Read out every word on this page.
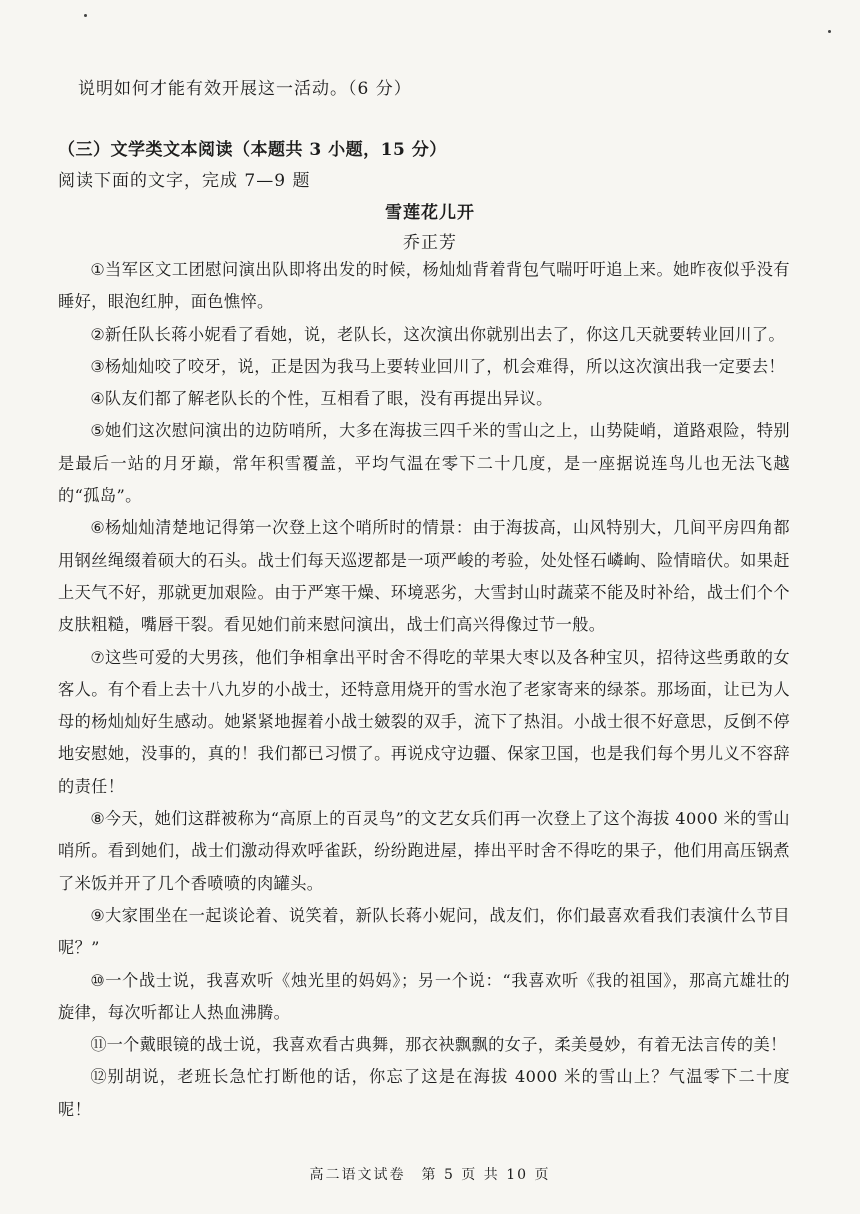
说明如何才能有效开展这一活动。（6 分）
（三）文学类文本阅读（本题共 3 小题，15 分）
阅读下面的文字，完成 7—9 题
雪莲花儿开
乔正芳

①当军区文工团慰问演出队即将出发的时候，杨灿灿背着背包气喘吁吁追上来。她昨夜似乎没有睡好，眼泡红肿，面色憔悴。

②新任队长蒋小妮看了看她，说，老队长，这次演出你就别出去了，你这几天就要转业回川了。

③杨灿灿咬了咬牙，说，正是因为我马上要转业回川了，机会难得，所以这次演出我一定要去！

④队友们都了解老队长的个性，互相看了眼，没有再提出异议。

⑤她们这次慰问演出的边防哨所，大多在海拔三四千米的雪山之上，山势陡峭，道路艰险，特别是最后一站的月牙巅，常年积雪覆盖，平均气温在零下二十几度，是一座据说连鸟儿也无法飞越的“孤岛”。

⑥杨灿灿清楚地记得第一次登上这个哨所时的情景：由于海拔高，山风特别大，几间平房四角都用钢丝绳缀着硕大的石头。战士们每天巡逻都是一项严峻的考验，处处怪石嶙峋、险情暗伏。如果赶上天气不好，那就更加艰险。由于严寒干燥、环境恶劣，大雪封山时蔬菜不能及时补给，战士们个个皮肤粗糙，嘴唇干裂。看见她们前来慰问演出，战士们高兴得像过节一般。

⑦这些可爱的大男孩，他们争相拿出平时舍不得吃的苹果大枣以及各种宝贝，招待这些勇敢的女客人。有个看上去十八九岁的小战士，还特意用烧开的雪水泡了老家寄来的绿茶。那场面，让已为人母的杨灿灿好生感动。她紧紧地握着小战士皴裂的双手，流下了热泪。小战士很不好意思，反倒不停地安慰她，没事的，真的！我们都已习惯了。再说戍守边疆、保家卫国，也是我们每个男儿义不容辞的责任！

⑧今天，她们这群被称为“高原上的百灵鸟”的文艺女兵们再一次登上了这个海拔 4000 米的雪山哨所。看到她们，战士们激动得欢呼雀跃，纷纷跑进屋，捧出平时舍不得吃的果子，他们用高压锅煮了米饭并开了几个香喷喷的肉罐头。

⑨大家围坐在一起谈论着、说笑着，新队长蒋小妮问，战友们，你们最喜欢看我们表演什么节目呢？”

⑩一个战士说，我喜欢听《烛光里的妈妈》；另一个说：“我喜欢听《我的祖国》，那高亢雄壮的旋律，每次听都让人热血沸腾。

⑪一个戴眼镜的战士说，我喜欢看古典舞，那衣袂飘飘的女子，柔美曼妙，有着无法言传的美！

⑫别胡说，老班长急忙打断他的话，你忘了这是在海拔 4000 米的雪山上？气温零下二十度呢！

高二语文试卷　第 5 页 共 10 页
